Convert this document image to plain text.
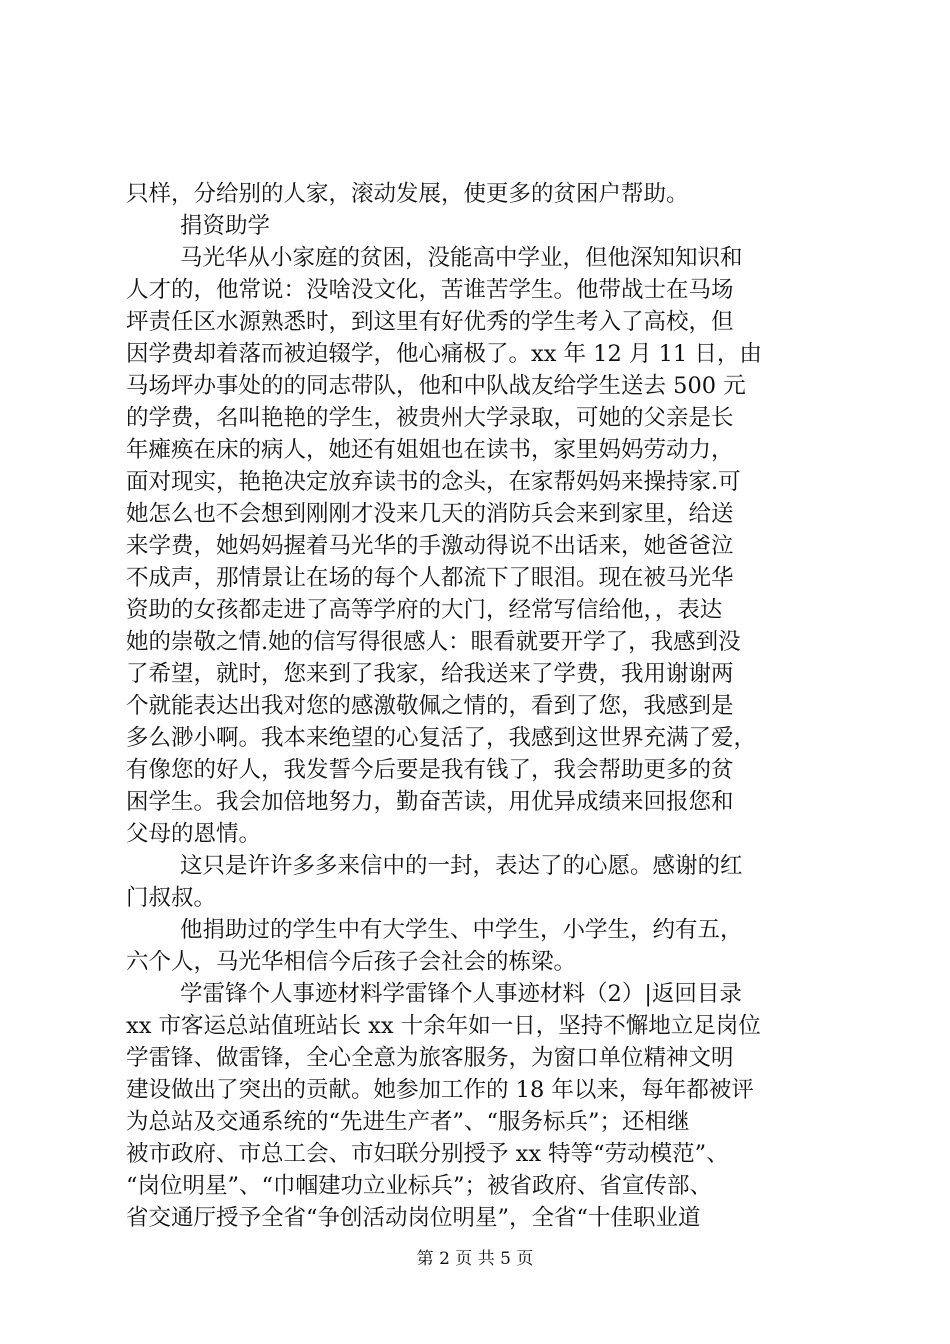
只样，分给别的人家，滚动发展，使更多的贫困户帮助。
捐资助学
马光华从小家庭的贫困，没能高中学业，但他深知知识和
人才的，他常说：没啥没文化，苦谁苦学生。他带战士在马场
坪责任区水源熟悉时，到这里有好优秀的学生考入了高校，但
因学费却着落而被迫辍学，他心痛极了。xx 年 12 月 11 日，由
马场坪办事处的的同志带队，他和中队战友给学生送去 500 元
的学费，名叫艳艳的学生，被贵州大学录取，可她的父亲是长
年瘫痪在床的病人，她还有姐姐也在读书，家里妈妈劳动力，
面对现实，艳艳决定放弃读书的念头，在家帮妈妈来操持家.可
她怎么也不会想到刚刚才没来几天的消防兵会来到家里，给送
来学费，她妈妈握着马光华的手激动得说不出话来，她爸爸泣
不成声，那情景让在场的每个人都流下了眼泪。现在被马光华
资助的女孩都走进了高等学府的大门，经常写信给他，，表达
她的崇敬之情.她的信写得很感人：眼看就要开学了，我感到没
了希望，就时，您来到了我家，给我送来了学费，我用谢谢两
个就能表达出我对您的感激敬佩之情的，看到了您，我感到是
多么渺小啊。我本来绝望的心复活了，我感到这世界充满了爱，
有像您的好人，我发誓今后要是我有钱了，我会帮助更多的贫
困学生。我会加倍地努力，勤奋苦读，用优异成绩来回报您和
父母的恩情。
这只是许许多多来信中的一封，表达了的心愿。感谢的红
门叔叔。
他捐助过的学生中有大学生、中学生，小学生，约有五，
六个人，马光华相信今后孩子会社会的栋梁。
学雷锋个人事迹材料学雷锋个人事迹材料（2）|返回目录
xx 市客运总站值班站长 xx 十余年如一日，坚持不懈地立足岗位
学雷锋、做雷锋，全心全意为旅客服务，为窗口单位精神文明
建设做出了突出的贡献。她参加工作的 18 年以来，每年都被评
为总站及交通系统的“先进生产者”、“服务标兵”；还相继
被市政府、市总工会、市妇联分别授予 xx 特等“劳动模范”、
“岗位明星”、“巾帼建功立业标兵”；被省政府、省宣传部、
省交通厅授予全省“争创活动岗位明星”，全省“十佳职业道
第 2 页 共 5 页
